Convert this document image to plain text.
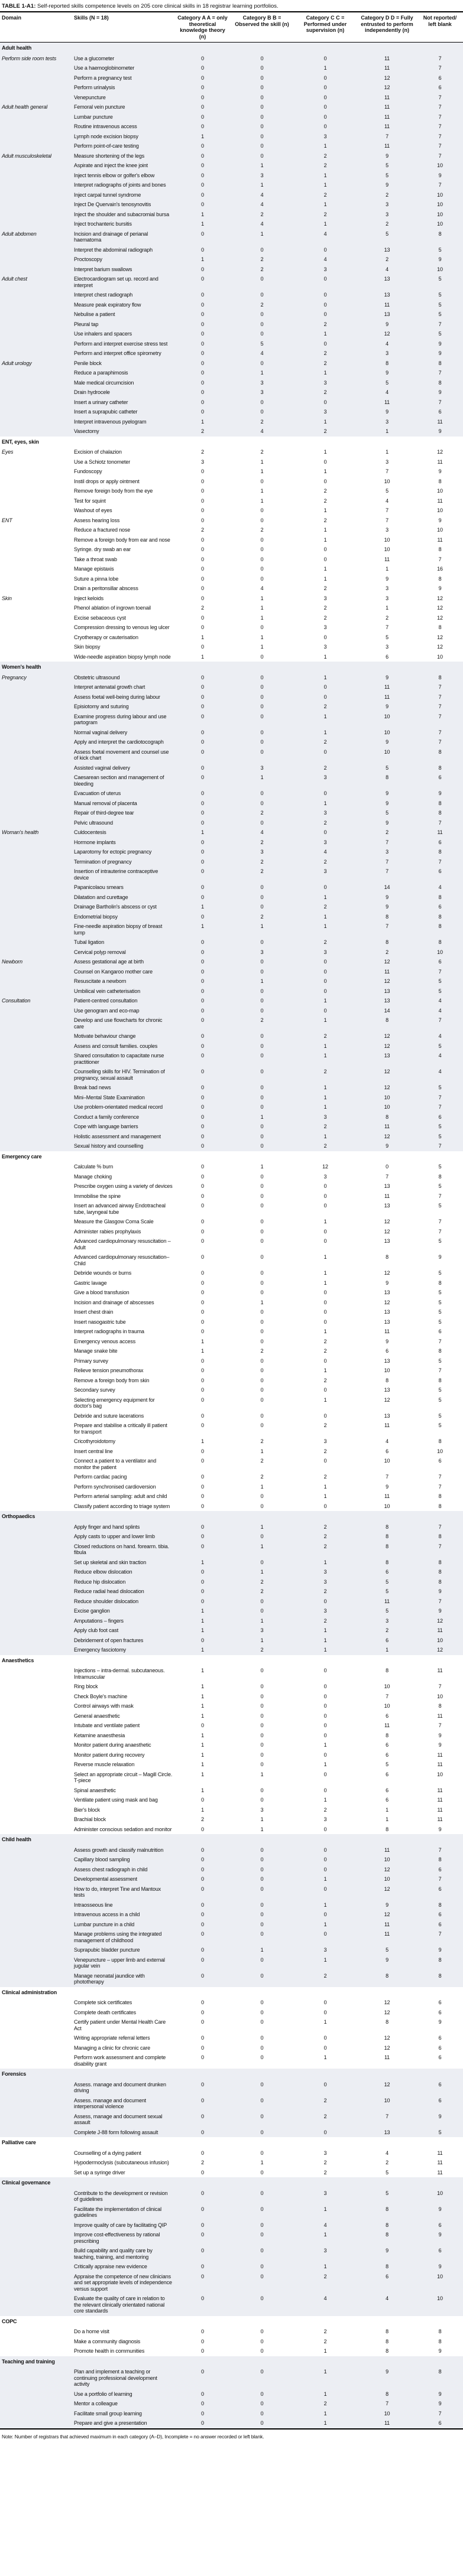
TABLE 1-A1: Self-reported skills competence levels on 205 core clinical skills in 18 registrar learning portfolios.
Domain	Skills (N = 18)	Category A A = only theoretical knowledge theory (n)	Category B B = Observed the skill (n)	Category C C = Performed under supervision (n)	Category D D = Fully entrusted to perform independently (n)	Not reported/ left blank
Adult health						
Perform side room tests	Use a glucometer	0	0	0	11	7
	Use a haemoglobinometer	0	0	1	11	7
	Perform a pregnancy test	0	0	0	12	6
	Perform urinalysis	0	0	0	12	6
	Venepuncture	0	0	0	11	7
Adult health general	Femoral vein puncture	0	0	0	11	7
	Lumbar puncture	0	0	0	11	7
	Routine intravenous access	0	0	0	11	7
	Lymph node excision biopsy	1	0	3	7	7
	Perform point-of-care testing	0	0	1	11	7
Adult musculoskeletal	Measure shortening of the legs	0	0	2	9	7
	Aspirate and inject the knee joint	0	1	2	5	10
	Inject tennis elbow or golfer's elbow	0	3	1	5	9
	Interpret radiographs of joints and bones	0	1	1	9	7
	Inject carpal tunnel syndrome	0	4	2	2	10
	Inject De Quervain's tenosynovitis	0	4	1	3	10
	Inject the shoulder and subacromial bursa	1	2	2	3	10
	Inject trochanteric bursitis	1	4	1	2	10
Adult abdomen	Incision and drainage of perianal haematoma	0	1	4	5	8
	Interpret the abdominal radiograph	0	0	0	13	5
	Proctoscopy	1	2	4	2	9
	Interpret barium swallows	0	2	3	4	10
Adult chest	Electrocardiogram set up. record and interpret	0	0	0	13	5
	Interpret chest radiograph	0	0	0	13	5
	Measure peak expiratory flow	0	2	0	11	5
	Nebulise a patient	0	0	0	13	5
	Pleural tap	0	0	2	9	7
	Use inhalers and spacers	0	0	1	12	5
	Perform and interpret exercise stress test	0	5	0	4	9
	Perform and interpret office spirometry	0	4	2	3	9
Adult urology	Penile block	0	0	2	8	8
	Reduce a paraphimosis	0	1	1	9	7
	Male medical circumcision	0	3	3	5	8
	Drain hydrocele	0	3	2	4	9
	Insert a urinary catheter	0	0	0	11	7
	Insert a suprapubic catheter	0	0	3	9	6
	Interpret intravenous pyelogram	1	2	1	3	11
	Vasectomy	2	4	2	1	9
ENT, eyes, skin						
Eyes	Excision of chalazion	2	2	1	1	12
	Use a Schiotz tonometer	3	1	0	3	11
	Fundoscopy	0	1	1	7	9
	Instil drops or apply ointment	0	0	0	10	8
	Remove foreign body from the eye	0	1	2	5	10
	Test for squint	0	1	2	4	11
	Washout of eyes	0	0	1	7	10
ENT	Assess hearing loss	0	0	2	7	9
	Reduce a fractured nose	2	2	1	3	10
	Remove a foreign body from ear and nose	0	0	1	10	11
	Syringe. dry swab an ear	0	0	0	10	8
	Take a throat swab	0	0	0	11	7
	Manage epistaxis	0	0	1	1	16
	Suture a pinna lobe	0	0	1	9	8
	Drain a peritonsillar abscess	0	4	2	3	9
Skin	Inject keloids	0	1	3	3	12
	Phenol ablation of ingrown toenail	2	1	2	1	12
	Excise sebaceous cyst	0	1	2	2	12
	Compression dressing to venous leg ulcer	0	0	3	7	8
	Cryotherapy or cauterisation	1	1	0	5	12
	Skin biopsy	0	1	3	3	12
	Wide-needle aspiration biopsy lymph node	1	0	1	6	10
Women's health						
Pregnancy	Obstetric ultrasound	0	0	1	9	8
	Interpret antenatal growth chart	0	0	0	11	7
	Assess foetal well-being during labour	0	0	0	11	7
	Episiotomy and suturing	0	0	2	9	7
	Examine progress during labour and use partogram	0	0	1	10	7
	Normal vaginal delivery	0	0	1	10	7
	Apply and interpret the cardiotocograph	0	0	2	9	7
	Assess foetal movement and counsel use of kick chart	0	0	0	10	8
	Assisted vaginal delivery	0	3	2	5	8
	Caesarean section and management of bleeding	0	1	3	8	6
	Evacuation of uterus	0	0	0	9	9
	Manual removal of placenta	0	0	1	9	8
	Repair of third-degree tear	0	2	3	5	8
	Pelvic ultrasound	0	0	2	9	7
Woman's health	Culdocentesis	1	4	0	2	11
	Hormone implants	0	2	3	7	6
	Laparotomy for ectopic pregnancy	0	3	4	3	8
	Termination of pregnancy	0	2	2	7	7
	Insertion of intrauterine contraceptive device	0	2	3	7	6
	Papanicolaou smears	0	0	0	14	4
	Dilatation and curettage	0	0	1	9	8
	Drainage Bartholin's abscess or cyst	1	0	2	9	6
	Endometrial biopsy	0	2	1	8	8
	Fine-needle aspiration biopsy of breast lump	1	1	1	7	8
	Tubal ligation	0	0	2	8	8
	Cervical polyp removal	0	3	3	2	10
Newborn	Assess gestational age at birth	0	0	0	12	6
	Counsel on Kangaroo mother care	0	0	0	11	7
	Resuscitate a newborn	0	1	0	12	5
	Umbilical vein catheterisation	0	0	0	13	5
Consultation	Patient-centred consultation	0	0	1	13	4
	Use genogram and eco-map	0	0	0	14	4
	Develop and use flowcharts for chronic care	0	2	1	8	7
	Motivate behaviour change	0	0	2	12	4
	Assess and consult families. couples	0	0	1	12	5
	Shared consultation to capacitate nurse practitioner	0	0	1	13	4
	Counselling skills for HIV. Termination of pregnancy, sexual assault	0	0	2	12	4
	Break bad news	0	0	1	12	5
	Mini–Mental State Examination	0	0	1	10	7
	Use problem-orientated medical record	0	0	1	10	7
	Conduct a family conference	0	1	3	8	6
	Cope with language barriers	0	0	2	11	5
	Holistic assessment and management	0	0	1	12	5
	Sexual history and counselling	0	0	2	9	7
Emergency care						
	Calculate % burn	0	1	12	0	5
	Manage choking	0	0	3	7	8
	Prescribe oxygen using a variety of devices	0	0	0	13	5
	Immobilise the spine	0	0	0	11	7
	Insert an advanced airway Endotracheal tube, laryngeal tube	0	0	0	13	5
	Measure the Glasgow Coma Scale	0	0	1	12	7
	Administer rabies prophylaxis	0	0	0	12	7
	Advanced cardiopulmonary resuscitation – Adult	0	0	0	13	5
	Advanced cardiopulmonary resuscitation– Child	0	0	1	8	9
	Debride wounds or burns	0	0	1	12	5
	Gastric lavage	0	0	1	9	8
	Give a blood transfusion	0	0	0	13	5
	Incision and drainage of abscesses	0	1	0	12	5
	Insert chest drain	0	0	0	13	5
	Insert nasogastric tube	0	0	0	13	5
	Interpret radiographs in trauma	0	0	1	11	6
	Emergency venous access	1	0	2	9	7
	Manage snake bite	1	2	2	6	8
	Primary survey	0	0	0	13	5
	Relieve tension pneumothorax	0	0	1	10	7
	Remove a foreign body from skin	0	0	2	8	8
	Secondary survey	0	0	0	13	5
	Selecting emergency equipment for doctor's bag	0	0	1	12	5
	Debride and suture lacerations	0	0	0	13	5
	Prepare and stabilise a critically ill patient for transport	0	0	2	11	5
	Cricothyroidotomy	1	2	3	4	8
	Insert central line	0	1	2	6	10
	Connect a patient to a ventilator and monitor the patient	0	2	0	10	6
	Perform cardiac pacing	0	2	2	7	7
	Perform synchronised cardioversion	0	1	1	9	7
	Perform arterial sampling: adult and child	0	0	1	11	8
	Classify patient according to triage system	0	0	0	10	8
Orthopaedics						
	Apply finger and hand splints	0	1	2	8	7
	Apply casts to upper and lower limb	0	0	2	8	8
	Closed reductions on hand. forearm. tibia. fibula	0	1	2	8	7
	Set up skeletal and skin traction	1	0	1	8	8
	Reduce elbow dislocation	0	1	3	6	8
	Reduce hip dislocation	0	2	3	5	8
	Reduce radial head dislocation	0	2	2	5	9
	Reduce shoulder dislocation	0	0	0	11	7
	Excise ganglion	1	0	3	5	9
	Amputations – fingers	1	1	2	3	12
	Apply club foot cast	1	3	1	2	11
	Debridement of open fractures	0	1	1	6	10
	Emergency fasciotomy	1	2	1	1	12
Anaesthetics						
	Injections – intra-dermal. subcutaneous. Intramuscular	1	0	0	8	11
	Ring block	1	0	0	10	7
	Check Boyle's machine	1	0	0	7	10
	Control airways with mask	1	0	0	10	8
	General anaesthetic	1	0	0	6	11
	Intubate and ventilate patient	0	0	0	11	7
	Ketamine anaesthesia	1	0	0	8	9
	Monitor patient during anaesthetic	1	0	1	6	9
	Monitor patient during recovery	1	0	0	6	11
	Reverse muscle relaxation	1	0	1	5	11
	Select an appropriate circuit – Magill Circle. T-piece	1	1	0	6	10
	Spinal anaesthetic	1	0	0	6	11
	Ventilate patient using mask and bag	0	0	1	6	11
	Bier's block	1	3	2	1	11
	Brachial block	2	1	3	1	11
	Administer conscious sedation and monitor	0	1	0	8	9
Child health						
	Assess growth and classify malnutrition	0	0	0	11	7
	Capillary blood sampling	0	0	0	10	8
	Assess chest radiograph in child	0	0	0	12	6
	Developmental assessment	0	0	1	10	7
	How to do, interpret Tine and Mantoux tests	0	0	0	12	6
	Intraosseous line	0	0	1	9	8
	Intravenous access in a child	0	0	0	12	6
	Lumbar puncture in a child	0	0	1	11	6
	Manage problems using the integrated management of childhood	0	0	0	11	7
	Suprapubic bladder puncture	0	1	3	5	9
	Venepuncture – upper limb and external jugular vein	0	0	1	9	8
	Manage neonatal jaundice with phototherapy	0	0	2	8	8
Clinical administration						
	Complete sick certificates	0	0	0	12	6
	Complete death certificates	0	0	0	12	6
	Certify patient under Mental Health Care Act	0	0	1	8	9
	Writing appropriate referral letters	0	0	0	12	6
	Managing a clinic for chronic care	0	0	0	12	6
	Perform work assessment and complete disability grant	0	0	1	11	6
Forensics						
	Assess. manage and document drunken driving	0	0	0	12	6
	Assess. manage and document interpersonal violence	0	0	2	10	6
	Assess, manage and document sexual assault	0	0	2	7	9
	Complete J-88 form following assault	0	0	0	13	5
Palliative care						
	Counselling of a dying patient	0	0	3	4	11
	Hypodermoclysis (subcutaneous infusion)	2	1	2	2	11
	Set up a syringe driver	0	0	2	5	11
Clinical governance						
	Contribute to the development or revision of guidelines	0	0	3	5	10
	Facilitate the implementation of clinical guidelines	0	0	1	8	9
	Improve quality of care by facilitating QIP	0	0	4	8	6
	Improve cost-effectiveness by rational prescribing	0	0	1	8	9
	Build capability and quality care by teaching, training, and mentoring	0	0	3	9	6
	Critically appraise new evidence	0	0	1	8	9
	Appraise the competence of new clinicians and set appropriate levels of independence versus support	0	0	2	6	10
	Evaluate the quality of care in relation to the relevant clinically orientated national core standards	0	0	4	4	10
COPC						
	Do a home visit	0	0	2	8	8
	Make a community diagnosis	0	0	2	8	8
	Promote health in communities	0	0	1	8	9
Teaching and training						
	Plan and implement a teaching or continuing professional development activity	0	0	1	9	8
	Use a portfolio of learning	0	0	1	8	9
	Mentor a colleague	0	0	2	7	9
	Facilitate small group learning	0	0	1	10	7
	Prepare and give a presentation	0	0	1	11	6
Note: Number of registrars that achieved maximum in each category (A–D), Incomplete = no answer recorded or left blank.						
